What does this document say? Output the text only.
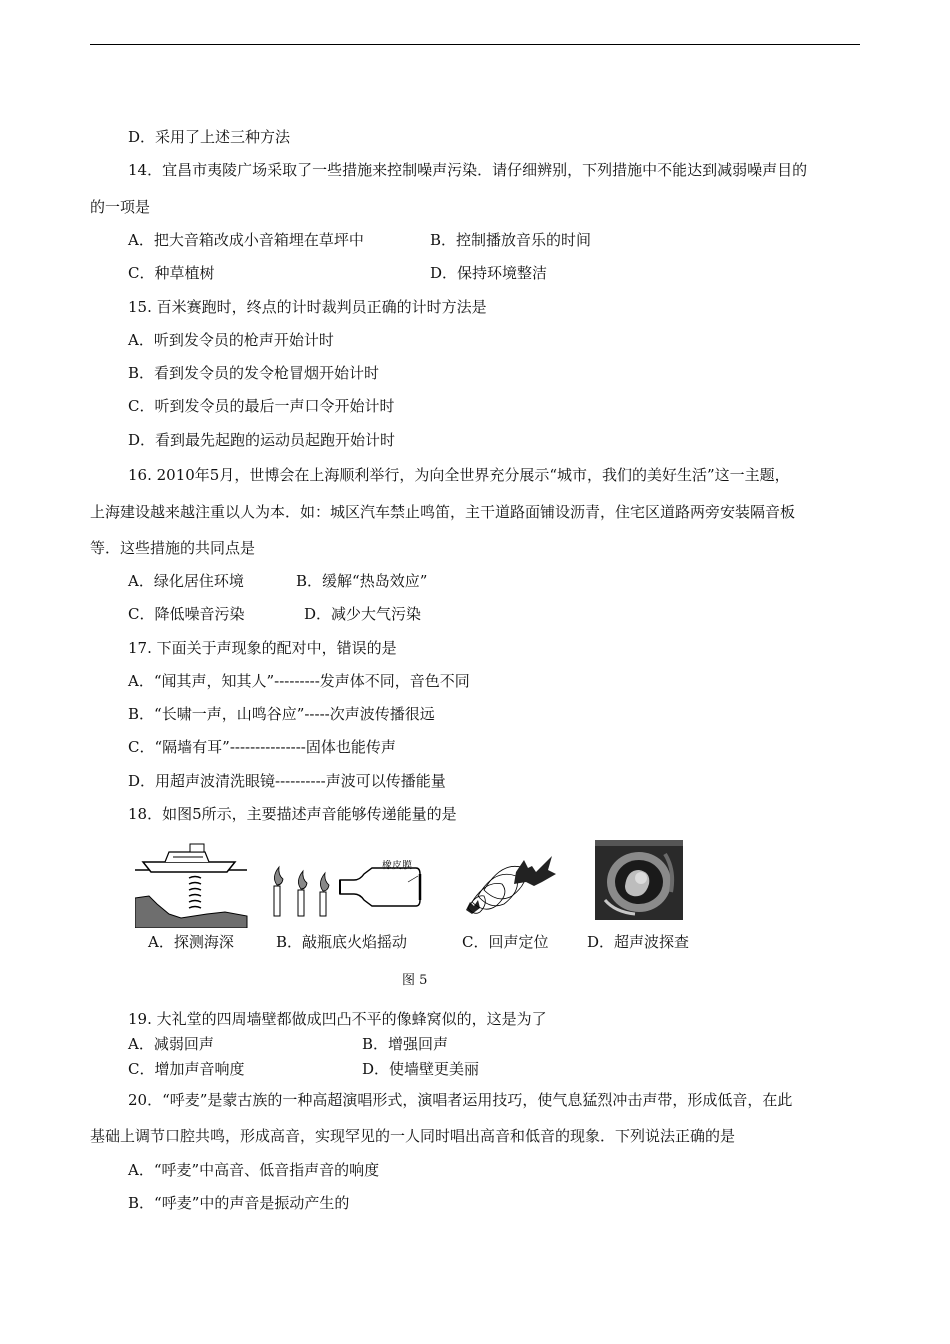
D．采用了上述三种方法
14．宜昌市夷陵广场采取了一些措施来控制噪声污染．请仔细辨别，下列措施中不能达到减弱噪声目的
的一项是
A．把大音箱改成小音箱埋在草坪中	B．控制播放音乐的时间
C．种草植树	D．保持环境整洁
15. 百米赛跑时，终点的计时裁判员正确的计时方法是
A．听到发令员的枪声开始计时
B．看到发令员的发令枪冒烟开始计时
C．听到发令员的最后一声口令开始计时
D．看到最先起跑的运动员起跑开始计时
16. 2010年5月，世博会在上海顺利举行，为向全世界充分展示“城市，我们的美好生活”这一主题，
上海建设越来越注重以人为本．如：城区汽车禁止鸣笛，主干道路面铺设沥青，住宅区道路两旁安装隔音板
等．这些措施的共同点是
A．绿化居住环境	B．缓解“热岛效应”
C．降低噪音污染	D．减少大气污染
17. 下面关于声现象的配对中，错误的是
A．“闻其声，知其人”---------发声体不同，音色不同
B．“长啸一声，山鸣谷应”-----次声波传播很远
C．“隔墙有耳”---------------固体也能传声
D．用超声波清洗眼镜----------声波可以传播能量
18．如图5所示，主要描述声音能够传递能量的是
橡皮膜
A．探测海深	B．敲瓶底火焰摇动	C．回声定位	D．超声波探查
图 5
19. 大礼堂的四周墙壁都做成凹凸不平的像蜂窝似的，这是为了
A．减弱回声	B．增强回声
C．增加声音响度	D．使墙壁更美丽
20．“呼麦”是蒙古族的一种高超演唱形式，演唱者运用技巧，使气息猛烈冲击声带，形成低音，在此
基础上调节口腔共鸣，形成高音，实现罕见的一人同时唱出高音和低音的现象．下列说法正确的是
A．“呼麦”中高音、低音指声音的响度
B．“呼麦”中的声音是振动产生的
